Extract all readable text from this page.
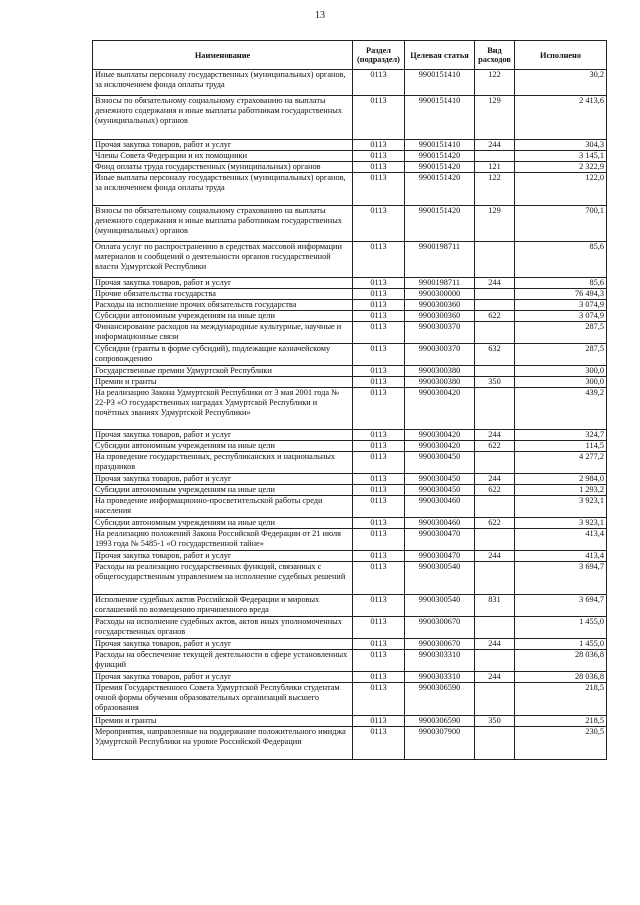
13
Наименование	Раздел (подраздел)	Целевая статья	Вид расходов	Исполнено
Иные выплаты персоналу государственных (муниципальных) органов, за исключением фонда оплаты труда	0113	9900151410	122	30,2
Взносы по обязательному социальному страхованию на выплаты денежного содержания и иные выплаты работникам государственных (муниципальных) органов	0113	9900151410	129	2 413,6
Прочая закупка товаров, работ и услуг	0113	9900151410	244	304,3
Члены Совета Федерации и их помощники	0113	9900151420		3 145,1
Фонд оплаты труда государственных (муниципальных) органов	0113	9900151420	121	2 322,9
Иные выплаты персоналу государственных (муниципальных) органов, за исключением фонда оплаты труда	0113	9900151420	122	122,0
Взносы по обязательному социальному страхованию на выплаты денежного содержания и иные выплаты работникам государственных (муниципальных) органов	0113	9900151420	129	700,1
Оплата услуг по распространению в средствах массовой информации материалов и сообщений о деятельности органов государственной власти Удмуртской Республики	0113	9900198711		85,6
Прочая закупка товаров, работ и услуг	0113	9900198711	244	85,6
Прочие обязательства государства	0113	9900300000		76 494,3
Расходы на исполнение прочих обязательств государства	0113	9900300360		3 074,9
Субсидии автономным учреждениям на иные цели	0113	9900300360	622	3 074,9
Финансирование расходов на международные культурные, научные и информационные связи	0113	9900300370		287,5
Субсидии (гранты в форме субсидий), подлежащие казначейскому сопровождению	0113	9900300370	632	287,5
Государственные премии Удмуртской Республики	0113	9900300380		300,0
Премии и гранты	0113	9900300380	350	300,0
На реализацию Закона Удмуртской Республики от 3 мая 2001 года № 22-РЗ «О государственных наградах Удмуртской Республики и почётных званиях Удмуртской Республики»	0113	9900300420		439,2
Прочая закупка товаров, работ и услуг	0113	9900300420	244	324,7
Субсидии автономным учреждениям на иные цели	0113	9900300420	622	114,5
На проведение государственных, республиканских и национальных праздников	0113	9900300450		4 277,2
Прочая закупка товаров, работ и услуг	0113	9900300450	244	2 984,0
Субсидии автономным учреждениям на иные цели	0113	9900300450	622	1 293,2
На проведение информационно-просветительской работы среди населения	0113	9900300460		3 923,1
Субсидии автономным учреждениям на иные цели	0113	9900300460	622	3 923,1
На реализацию положений Закона Российской Федерации от 21 июля 1993 года № 5485-1 «О государственной тайне»	0113	9900300470		413,4
Прочая закупка товаров, работ и услуг	0113	9900300470	244	413,4
Расходы на реализацию государственных функций, связанных с общегосударственным управлением на исполнение судебных решений	0113	9900300540		3 694,7
Исполнение судебных актов Российской Федерации и мировых соглашений по возмещению причиненного вреда	0113	9900300540	831	3 694,7
Расходы на исполнение судебных актов, актов иных уполномоченных государственных органов	0113	9900300670		1 455,0
Прочая закупка товаров, работ и услуг	0113	9900300670	244	1 455,0
Расходы на обеспечение текущей деятельности в сфере установленных функций	0113	9900303310		28 036,8
Прочая закупка товаров, работ и услуг	0113	9900303310	244	28 036,8
Премия Государственного Совета Удмуртской Республики студентам очной формы обучения образовательных организаций высшего образования	0113	9900306590		218,5
Премии и гранты	0113	9900306590	350	218,5
Мероприятия, направленные на поддержание положительного имиджа Удмуртской Республики на уровне Российской Федерации	0113	9900307900		230,5
